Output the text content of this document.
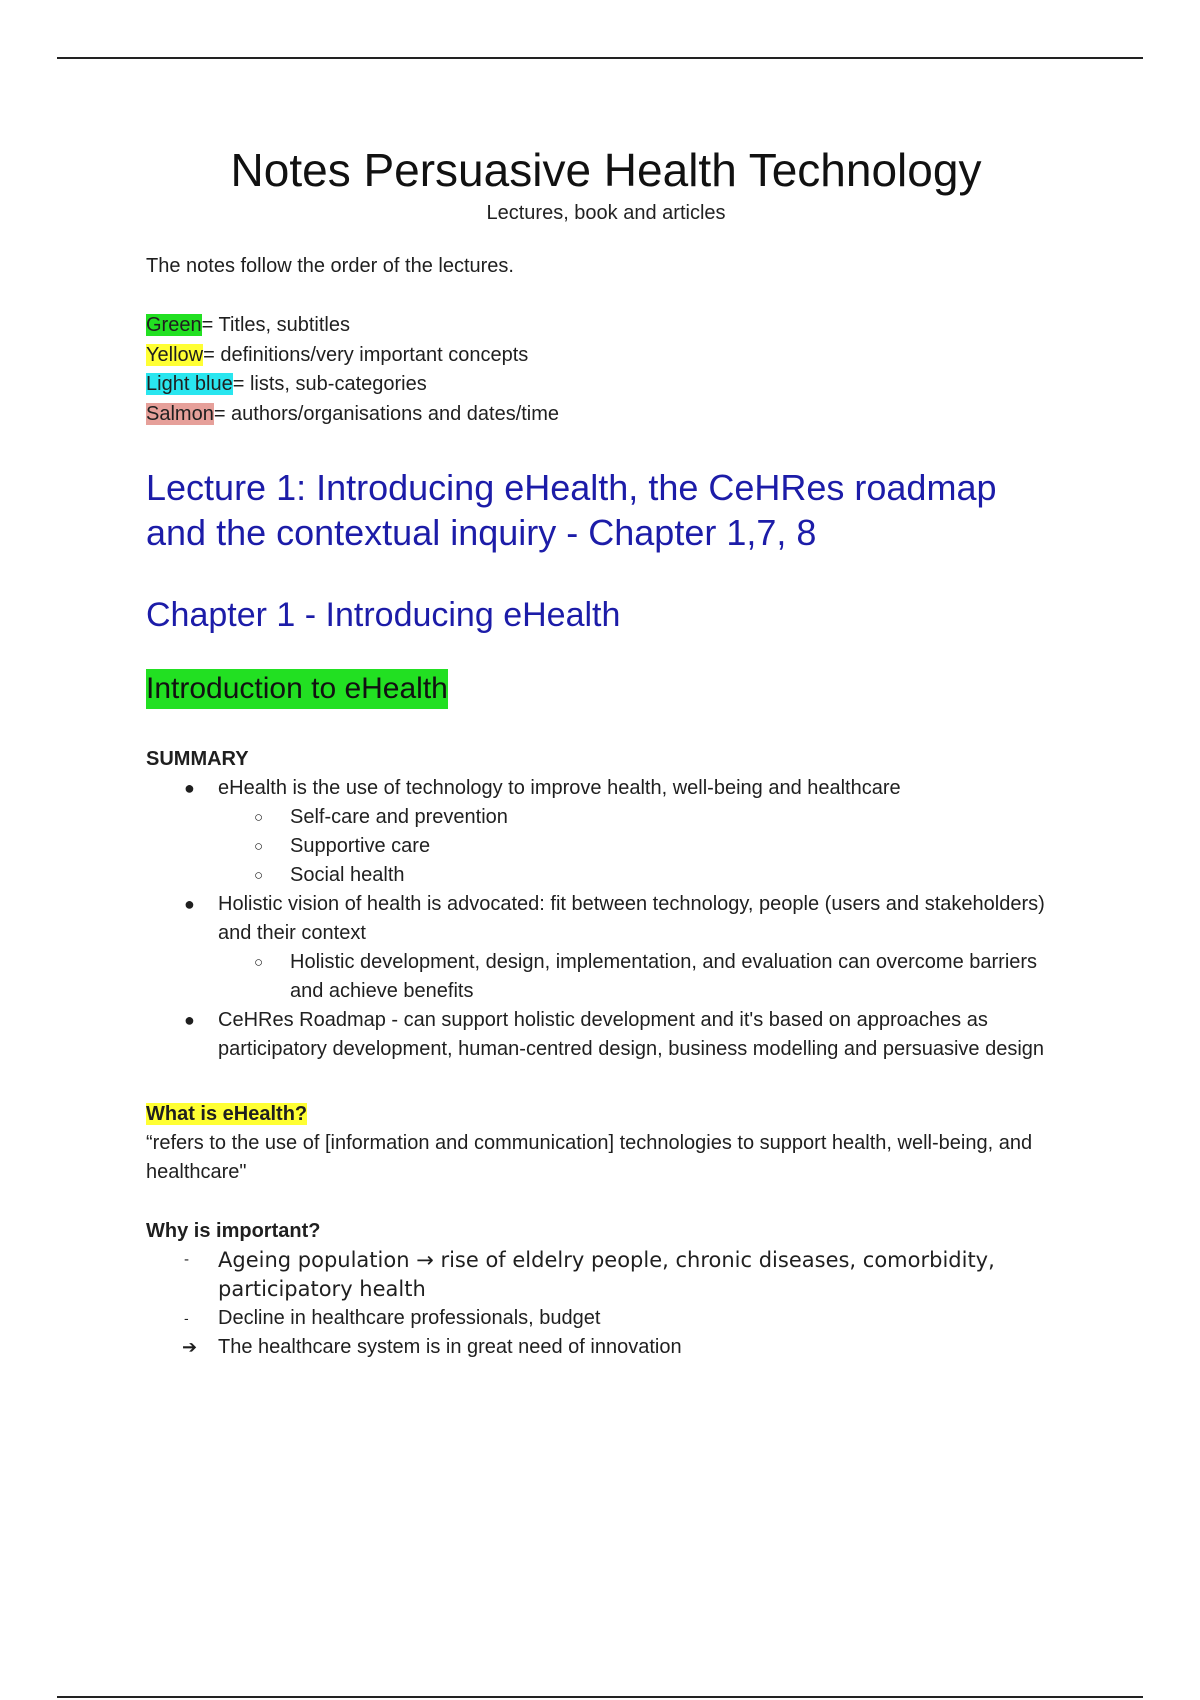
Notes Persuasive Health Technology

Lectures, book and articles

The notes follow the order of the lectures.

Green= Titles, subtitles
Yellow= definitions/very important concepts
Light blue= lists, sub-categories
Salmon= authors/organisations and dates/time
Lecture 1: Introducing eHealth, the CeHRes roadmap and the contextual inquiry - Chapter 1,7, 8
Chapter 1 - Introducing eHealth
Introduction to eHealth

SUMMARY

● eHealth is the use of technology to improve health, well-being and healthcare
○ Self-care and prevention
○ Supportive care
○ Social health
● Holistic vision of health is advocated: fit between technology, people (users and stakeholders) and their context
○ Holistic development, design, implementation, and evaluation can overcome barriers and achieve benefits
● CeHRes Roadmap - can support holistic development and it's based on approaches as participatory development, human-centred design, business modelling and persuasive design

What is eHealth?

“refers to the use of [information and communication] technologies to support health, well-being, and healthcare"

Why is important?

- Ageing population → rise of eldelry people, chronic diseases, comorbidity, participatory health
- Decline in healthcare professionals, budget
➔ The healthcare system is in great need of innovation
